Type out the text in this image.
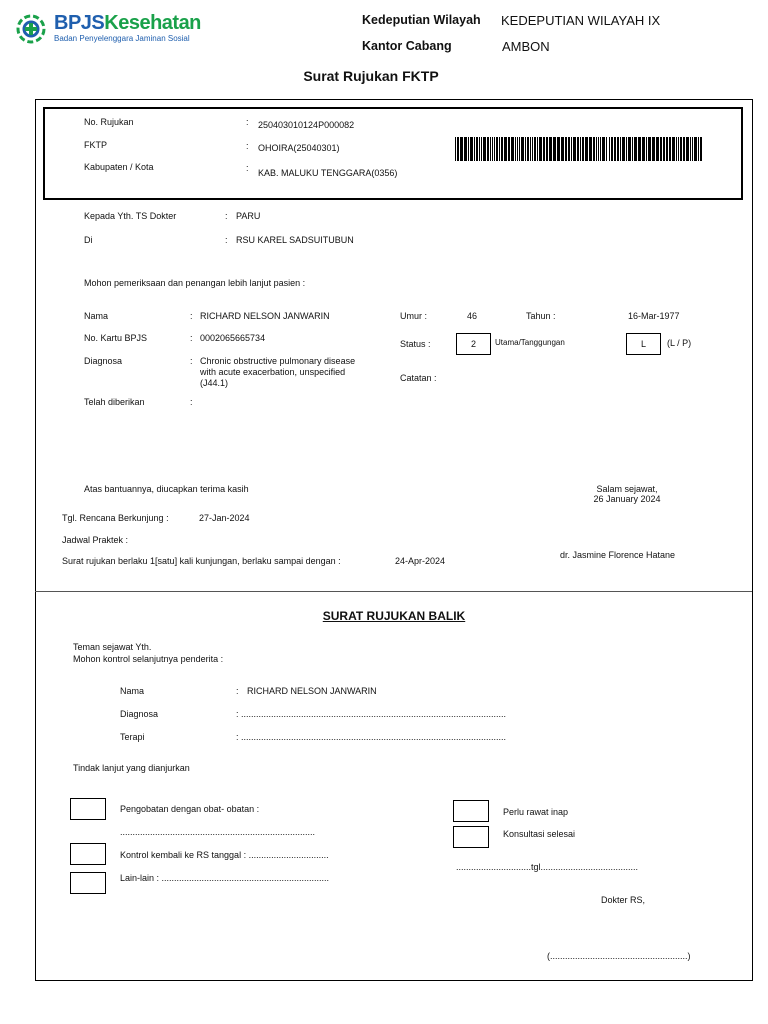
BPJSKesehatan
Badan Penyelenggara Jaminan Sosial
Kedeputian Wilayah KEDEPUTIAN WILAYAH IX
Kantor Cabang	AMBON
Surat Rujukan FKTP
No. Rujukan	: 250403010124P000082
FKTP	: OHOIRA(25040301)
Kabupaten / Kota	: KAB. MALUKU TENGGARA(0356)
Kepada Yth. TS Dokter	: PARU
Di	: RSU KAREL SADSUITUBUN
Mohon pemeriksaan dan penangan lebih lanjut pasien :
Nama	: RICHARD NELSON JANWARIN
No. Kartu BPJS	: 0002065665734
Diagnosa	: Chronic obstructive pulmonary disease
with acute exacerbation, unspecified
(J44.1)
Telah diberikan	:
Umur :	46	Tahun :	16-Mar-1977
Status :	2	Utama/Tanggungan	L	(L / P)
Catatan :
Atas bantuannya, diucapkan terima kasih	Salam sejawat,
26 January 2024
Tgl. Rencana Berkunjung :	27-Jan-2024
Jadwal Praktek :
dr. Jasmine Florence Hatane
Surat rujukan berlaku 1[satu] kali kunjungan, berlaku sampai dengan :	24-Apr-2024
SURAT RUJUKAN BALIK
Teman sejawat Yth.
Mohon kontrol selanjutnya penderita :
Nama	: RICHARD NELSON JANWARIN
Diagnosa	: ..........................................................................................................
Terapi	: ..........................................................................................................
Tindak lanjut yang dianjurkan
Pengobatan dengan obat- obatan :
..............................................................................
Kontrol kembali ke RS tanggal : ................................
Lain-lain : ...................................................................
Perlu rawat inap
Konsultasi selesai
..............................tgl.......................................
Dokter RS,
(.......................................................)
